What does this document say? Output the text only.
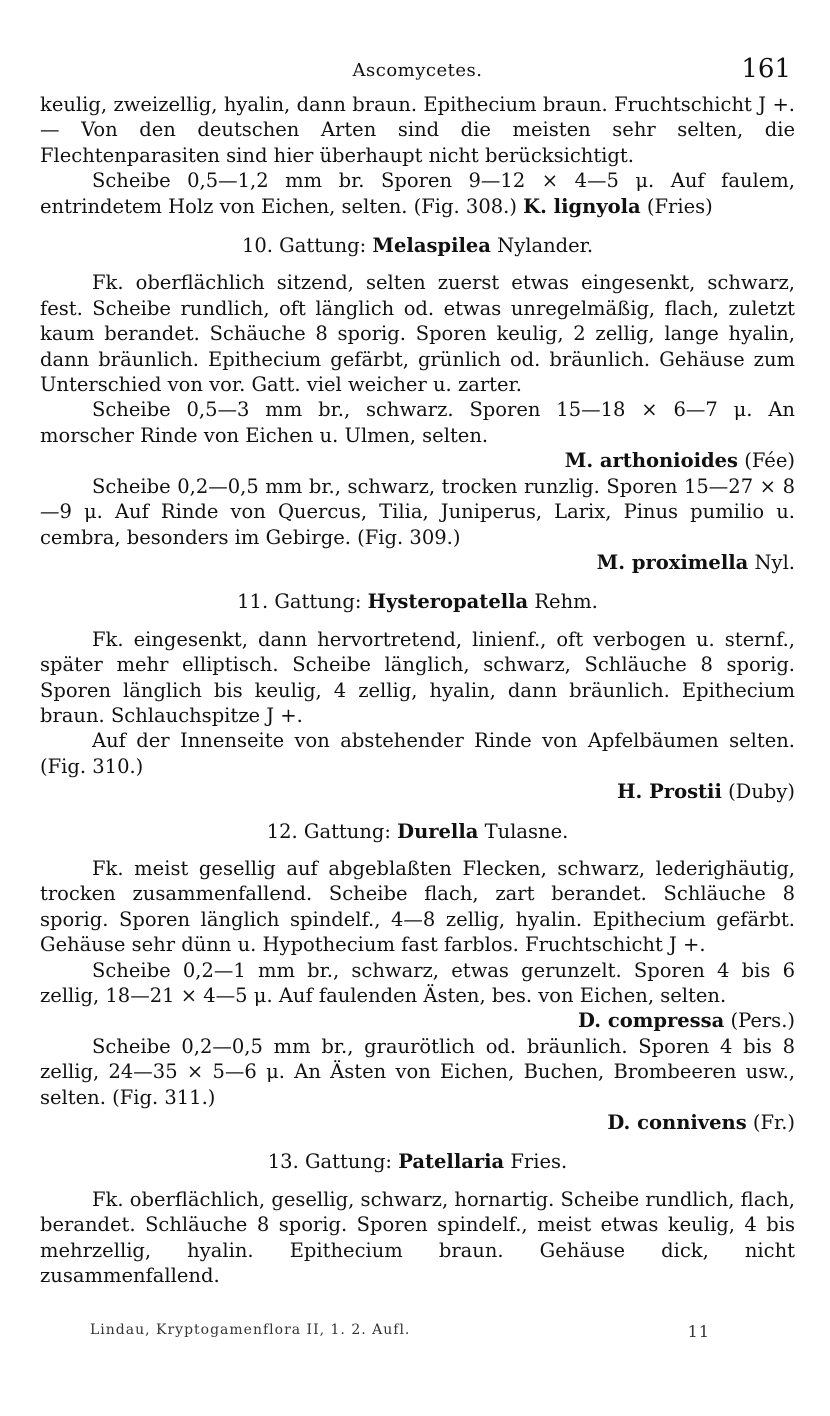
Ascomycetes.	161

keulig, zweizellig, hyalin, dann braun. Epithecium braun. Fruchtschicht J +. — Von den deutschen Arten sind die meisten sehr selten, die Flechtenparasiten sind hier überhaupt nicht berücksichtigt.

Scheibe 0,5—1,2 mm br. Sporen 9—12 × 4—5 μ. Auf faulem, entrindetem Holz von Eichen, selten. (Fig. 308.) K. lignyola (Fries)

10. Gattung: Melaspilea Nylander.

Fk. oberflächlich sitzend, selten zuerst etwas eingesenkt, schwarz, fest. Scheibe rundlich, oft länglich od. etwas unregelmäßig, flach, zuletzt kaum berandet. Schäuche 8 sporig. Sporen keulig, 2 zellig, lange hyalin, dann bräunlich. Epithecium gefärbt, grünlich od. bräunlich. Gehäuse zum Unterschied von vor. Gatt. viel weicher u. zarter.

Scheibe 0,5—3 mm br., schwarz. Sporen 15—18 × 6—7 μ. An morscher Rinde von Eichen u. Ulmen, selten.

M. arthonioides (Fée)

Scheibe 0,2—0,5 mm br., schwarz, trocken runzlig. Sporen 15—27 × 8—9 μ. Auf Rinde von Quercus, Tilia, Juniperus, Larix, Pinus pumilio u. cembra, besonders im Gebirge. (Fig. 309.)

M. proximella Nyl.

11. Gattung: Hysteropatella Rehm.

Fk. eingesenkt, dann hervortretend, linienf., oft verbogen u. sternf., später mehr elliptisch. Scheibe länglich, schwarz, Schläuche 8 sporig. Sporen länglich bis keulig, 4 zellig, hyalin, dann bräunlich. Epithecium braun. Schlauchspitze J +.

Auf der Innenseite von abstehender Rinde von Apfelbäumen selten. (Fig. 310.)

H. Prostii (Duby)

12. Gattung: Durella Tulasne.

Fk. meist gesellig auf abgeblaßten Flecken, schwarz, lederighäutig, trocken zusammenfallend. Scheibe flach, zart berandet. Schläuche 8 sporig. Sporen länglich spindelf., 4—8 zellig, hyalin. Epithecium gefärbt. Gehäuse sehr dünn u. Hypothecium fast farblos. Fruchtschicht J +.

Scheibe 0,2—1 mm br., schwarz, etwas gerunzelt. Sporen 4 bis 6 zellig, 18—21 × 4—5 μ. Auf faulenden Ästen, bes. von Eichen, selten.

D. compressa (Pers.)

Scheibe 0,2—0,5 mm br., graurötlich od. bräunlich. Sporen 4 bis 8 zellig, 24—35 × 5—6 μ. An Ästen von Eichen, Buchen, Brombeeren usw., selten. (Fig. 311.)

D. connivens (Fr.)

13. Gattung: Patellaria Fries.

Fk. oberflächlich, gesellig, schwarz, hornartig. Scheibe rundlich, flach, berandet. Schläuche 8 sporig. Sporen spindelf., meist etwas keulig, 4 bis mehrzellig, hyalin. Epithecium braun. Gehäuse dick, nicht zusammenfallend.

Lindau, Kryptogamenflora II, 1. 2. Aufl.	11
